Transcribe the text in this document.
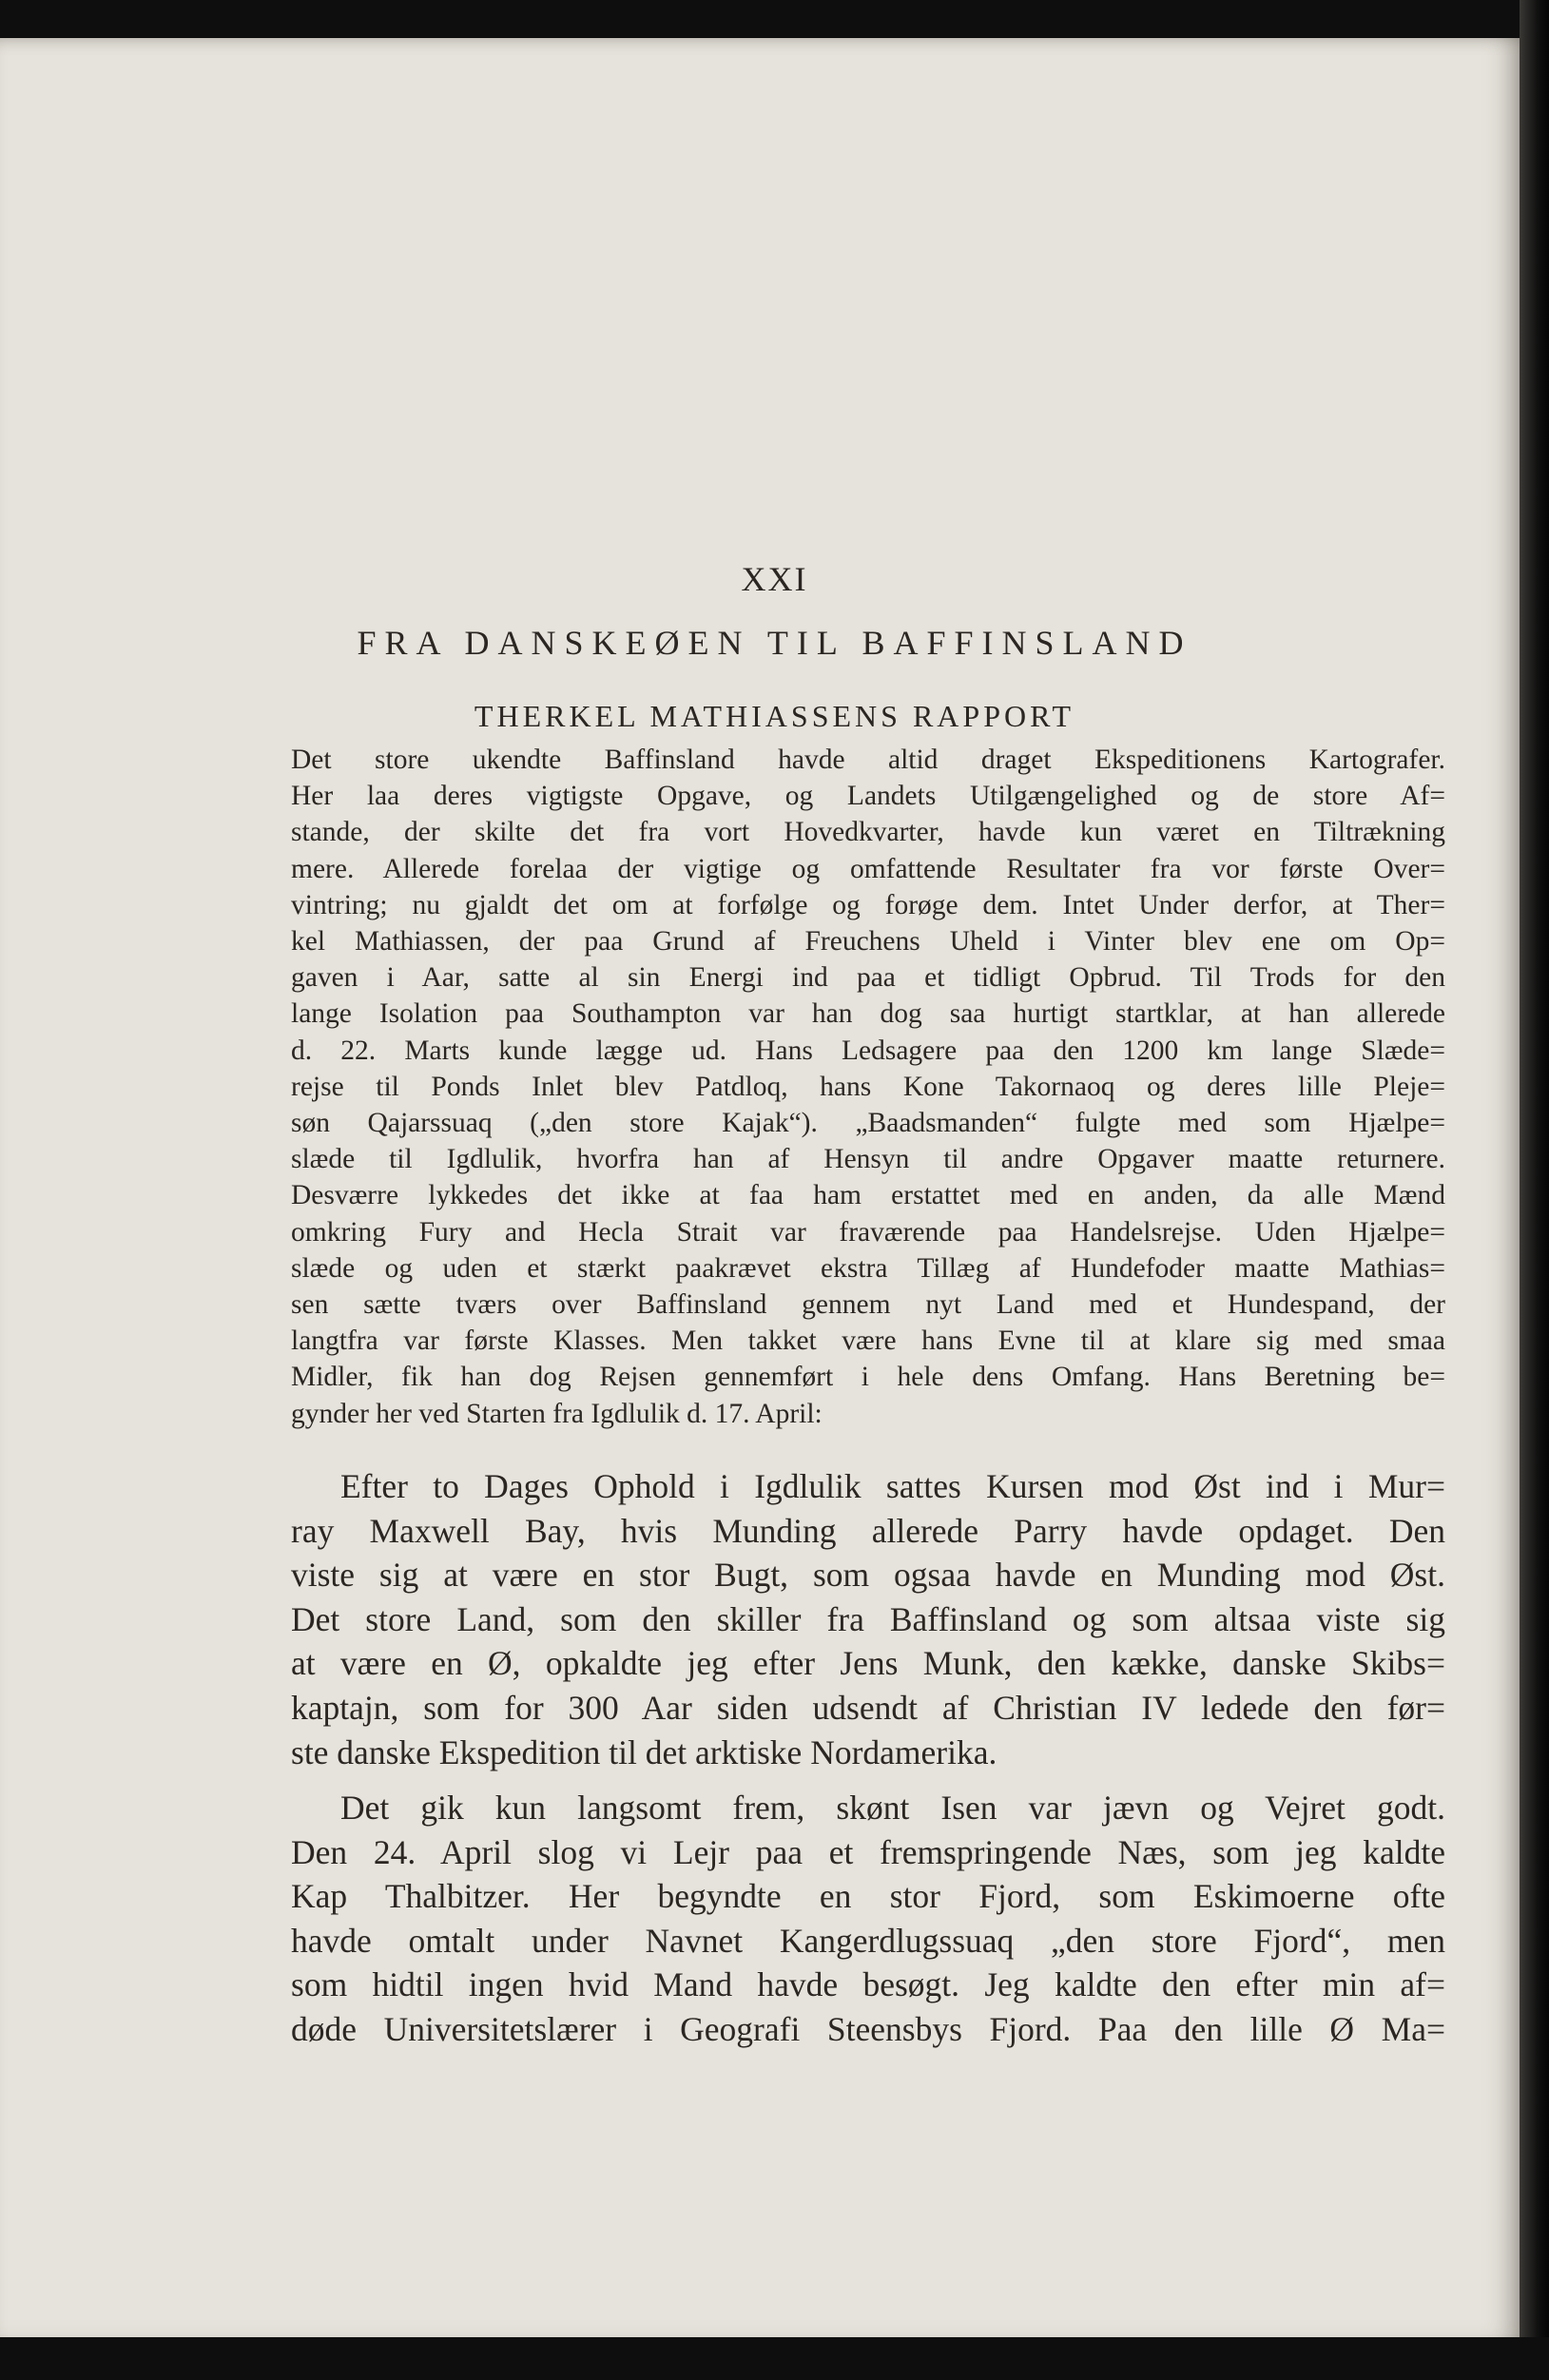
XXI
FRA DANSKEØEN TIL BAFFINSLAND
THERKEL MATHIASSENS RAPPORT
Det store ukendte Baffinsland havde altid draget Ekspeditionens Kartografer.
Her laa deres vigtigste Opgave, og Landets Utilgængelighed og de store Af=
stande, der skilte det fra vort Hovedkvarter, havde kun været en Tiltrækning
mere. Allerede forelaa der vigtige og omfattende Resultater fra vor første Over=
vintring; nu gjaldt det om at forfølge og forøge dem. Intet Under derfor, at Ther=
kel Mathiassen, der paa Grund af Freuchens Uheld i Vinter blev ene om Op=
gaven i Aar, satte al sin Energi ind paa et tidligt Opbrud. Til Trods for den
lange Isolation paa Southampton var han dog saa hurtigt startklar, at han allerede
d. 22. Marts kunde lægge ud. Hans Ledsagere paa den 1200 km lange Slæde=
rejse til Ponds Inlet blev Patdloq, hans Kone Takornaoq og deres lille Pleje=
søn Qajarssuaq („den store Kajak“). „Baadsmanden“ fulgte med som Hjælpe=
slæde til Igdlulik, hvorfra han af Hensyn til andre Opgaver maatte returnere.
Desværre lykkedes det ikke at faa ham erstattet med en anden, da alle Mænd
omkring Fury and Hecla Strait var fraværende paa Handelsrejse. Uden Hjælpe=
slæde og uden et stærkt paakrævet ekstra Tillæg af Hundefoder maatte Mathias=
sen sætte tværs over Baffinsland gennem nyt Land med et Hundespand, der
langtfra var første Klasses. Men takket være hans Evne til at klare sig med smaa
Midler, fik han dog Rejsen gennemført i hele dens Omfang. Hans Beretning be=
gynder her ved Starten fra Igdlulik d. 17. April:
Efter to Dages Ophold i Igdlulik sattes Kursen mod Øst ind i Mur=
ray Maxwell Bay, hvis Munding allerede Parry havde opdaget. Den
viste sig at være en stor Bugt, som ogsaa havde en Munding mod Øst.
Det store Land, som den skiller fra Baffinsland og som altsaa viste sig
at være en Ø, opkaldte jeg efter Jens Munk, den kække, danske Skibs=
kaptajn, som for 300 Aar siden udsendt af Christian IV ledede den før=
ste danske Ekspedition til det arktiske Nordamerika.
Det gik kun langsomt frem, skønt Isen var jævn og Vejret godt.
Den 24. April slog vi Lejr paa et fremspringende Næs, som jeg kaldte
Kap Thalbitzer. Her begyndte en stor Fjord, som Eskimoerne ofte
havde omtalt under Navnet Kangerdlugssuaq „den store Fjord“, men
som hidtil ingen hvid Mand havde besøgt. Jeg kaldte den efter min af=
døde Universitetslærer i Geografi Steensbys Fjord. Paa den lille Ø Ma=
